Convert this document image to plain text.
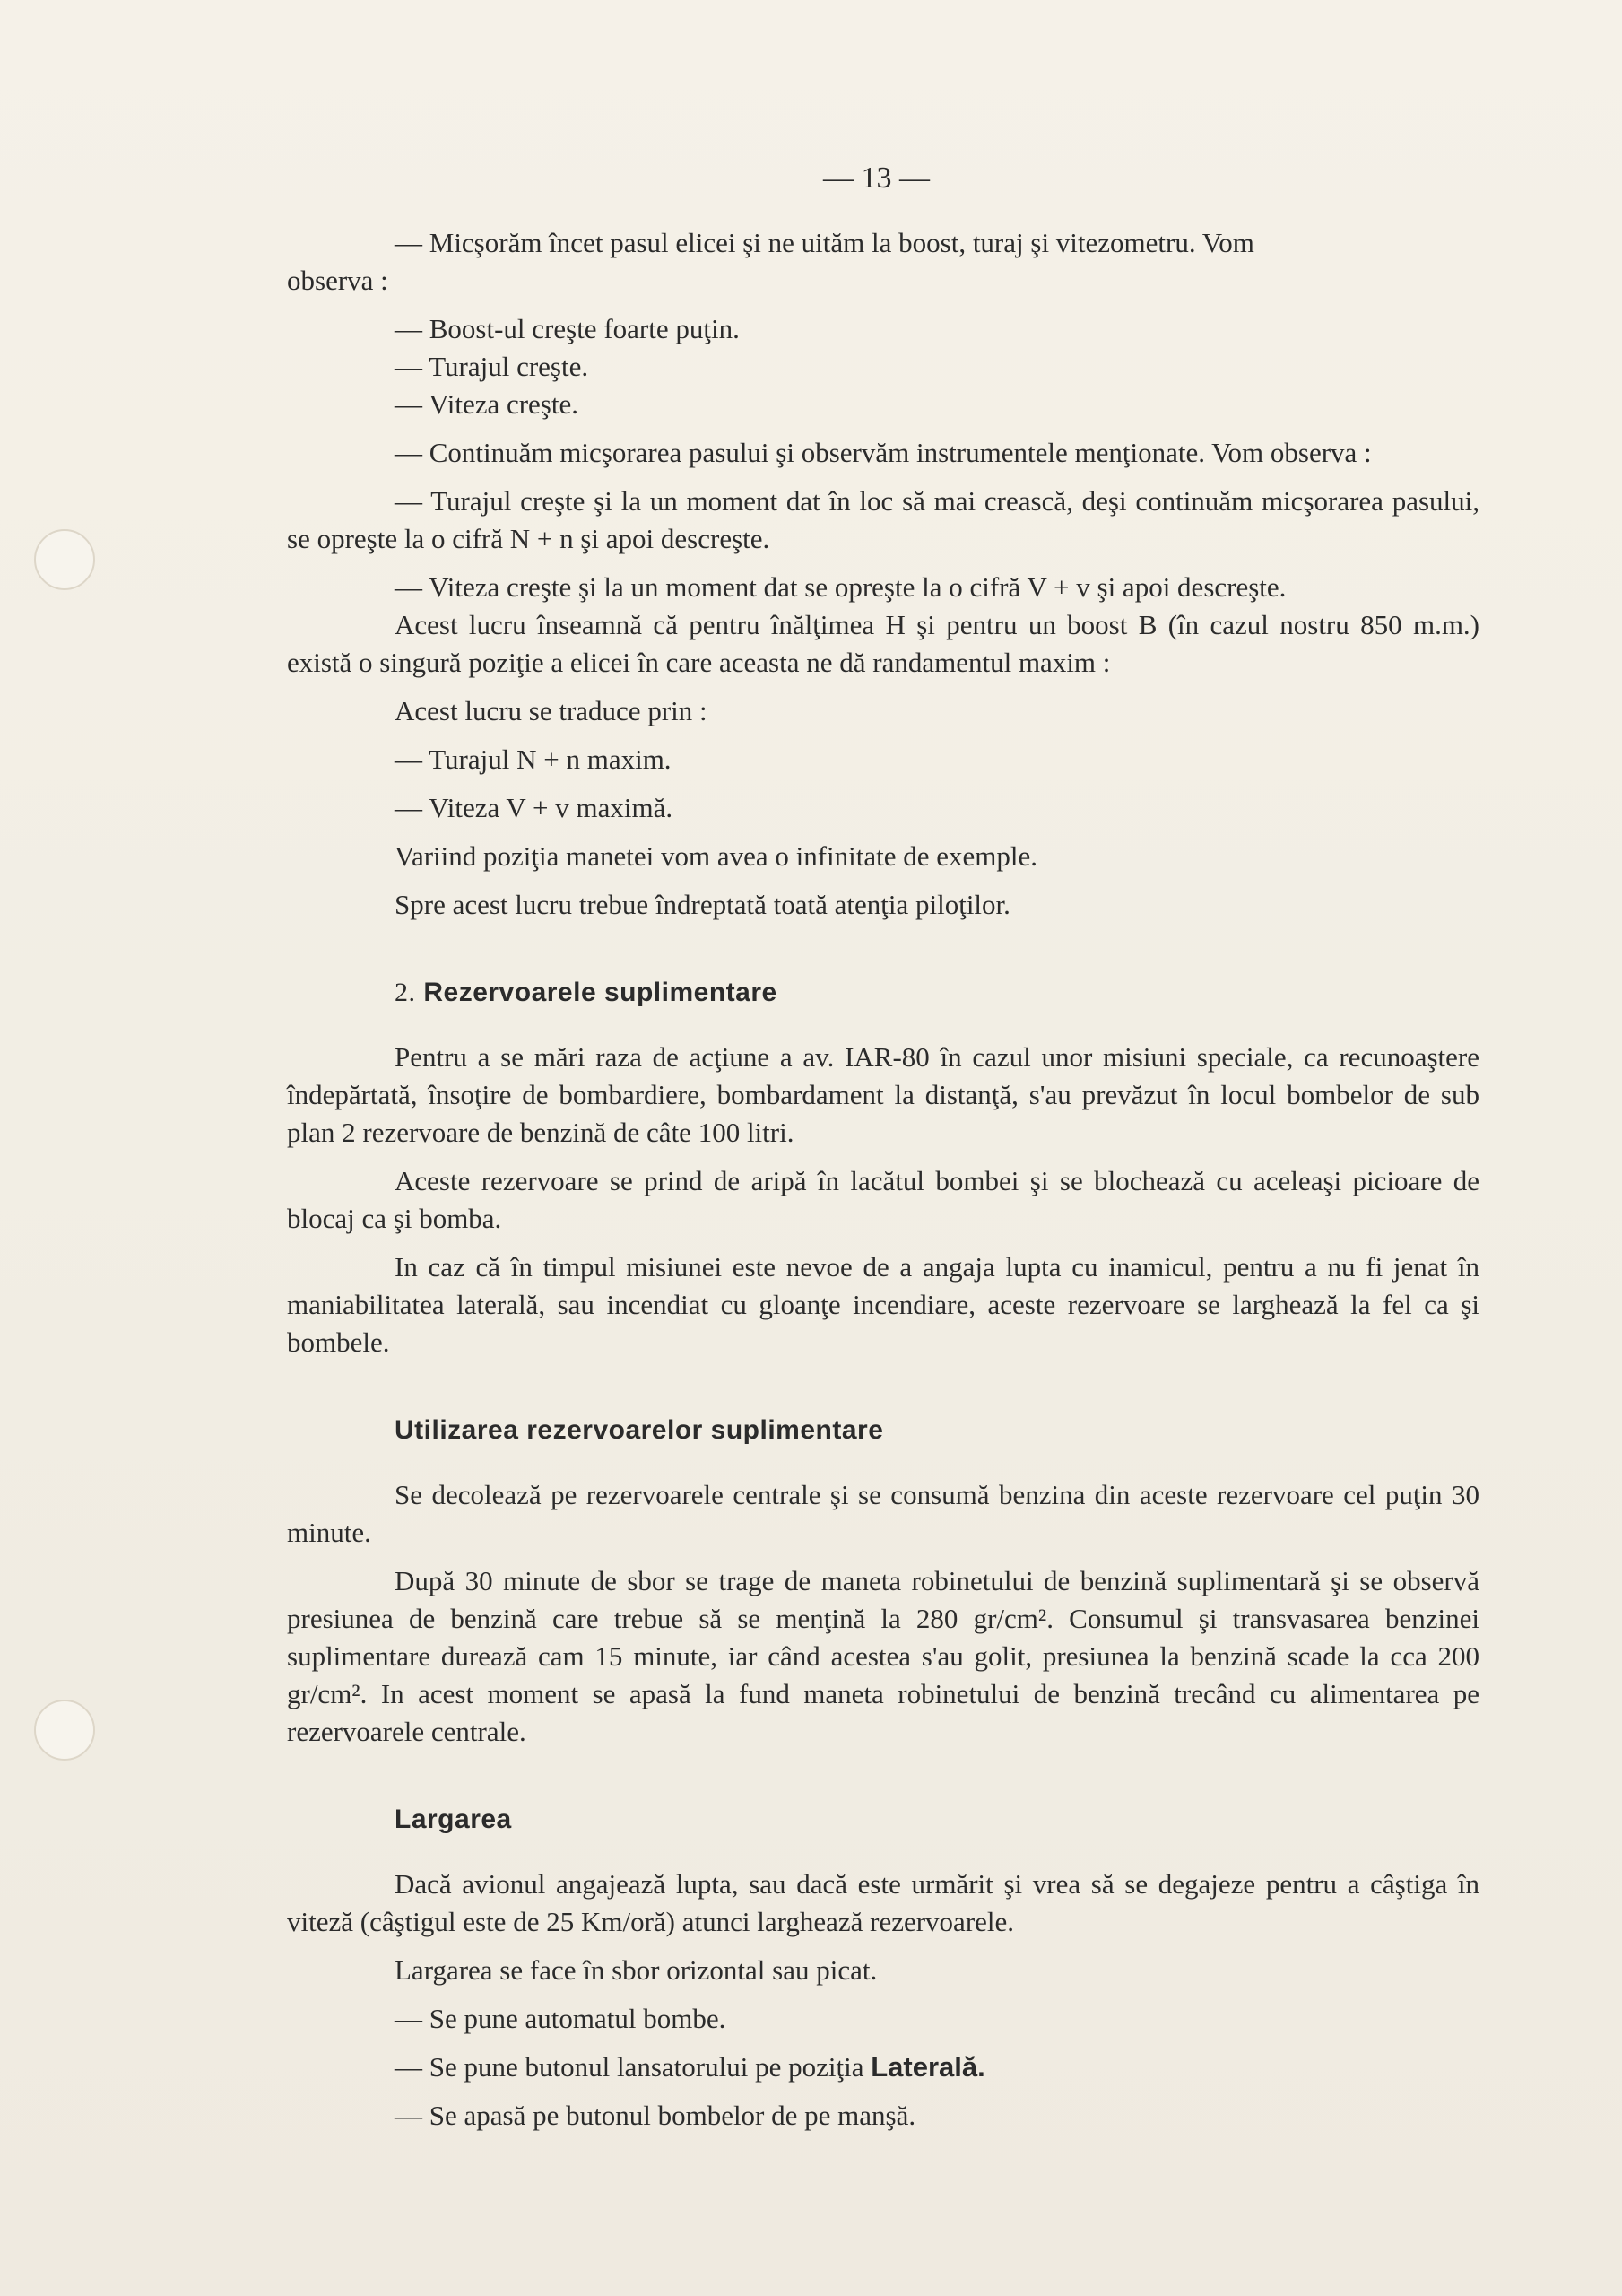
— 13 —

— Micşorăm încet pasul elicei şi ne uităm la boost, turaj şi vitezometru. Vom

observa :

— Boost-ul creşte foarte puţin.

— Turajul creşte.

— Viteza creşte.

— Continuăm micşorarea pasului şi observăm instrumentele menţionate. Vom observa :

— Turajul creşte şi la un moment dat în loc să mai crească, deşi continuăm micşorarea pasului, se opreşte la o cifră N + n şi apoi descreşte.

— Viteza creşte şi la un moment dat se opreşte la o cifră V + v şi apoi descreşte.

Acest lucru înseamnă că pentru înălţimea H şi pentru un boost B (în cazul nostru 850 m.m.) există o singură poziţie a elicei în care aceasta ne dă randamentul maxim :

Acest lucru se traduce prin :

— Turajul N + n maxim.

— Viteza V + v maximă.

Variind poziţia manetei vom avea o infinitate de exemple.

Spre acest lucru trebue îndreptată toată atenţia piloţilor.

2. Rezervoarele suplimentare

Pentru a se mări raza de acţiune a av. IAR-80 în cazul unor misiuni speciale, ca recunoaştere îndepărtată, însoţire de bombardiere, bombardament la distanţă, s'au prevăzut în locul bombelor de sub plan 2 rezervoare de benzină de câte 100 litri.

Aceste rezervoare se prind de aripă în lacătul bombei şi se blochează cu aceleaşi picioare de blocaj ca şi bomba.

In caz că în timpul misiunei este nevoe de a angaja lupta cu inamicul, pentru a nu fi jenat în maniabilitatea laterală, sau incendiat cu gloanţe incendiare, aceste rezervoare se larghează la fel ca şi bombele.

Utilizarea rezervoarelor suplimentare

Se decolează pe rezervoarele centrale şi se consumă benzina din aceste rezervoare cel puţin 30 minute.

După 30 minute de sbor se trage de maneta robinetului de benzină suplimentară şi se observă presiunea de benzină care trebue să se menţină la 280 gr/cm². Consumul şi transvasarea benzinei suplimentare durează cam 15 minute, iar când acestea s'au golit, presiunea la benzină scade la cca 200 gr/cm². In acest moment se apasă la fund maneta robinetului de benzină trecând cu alimentarea pe rezervoarele centrale.

Largarea

Dacă avionul angajează lupta, sau dacă este urmărit şi vrea să se degajeze pentru a câştiga în viteză (câştigul este de 25 Km/oră) atunci larghează rezervoarele.

Largarea se face în sbor orizontal sau picat.

— Se pune automatul bombe.

— Se pune butonul lansatorului pe poziţia Laterală.

— Se apasă pe butonul bombelor de pe manşă.
